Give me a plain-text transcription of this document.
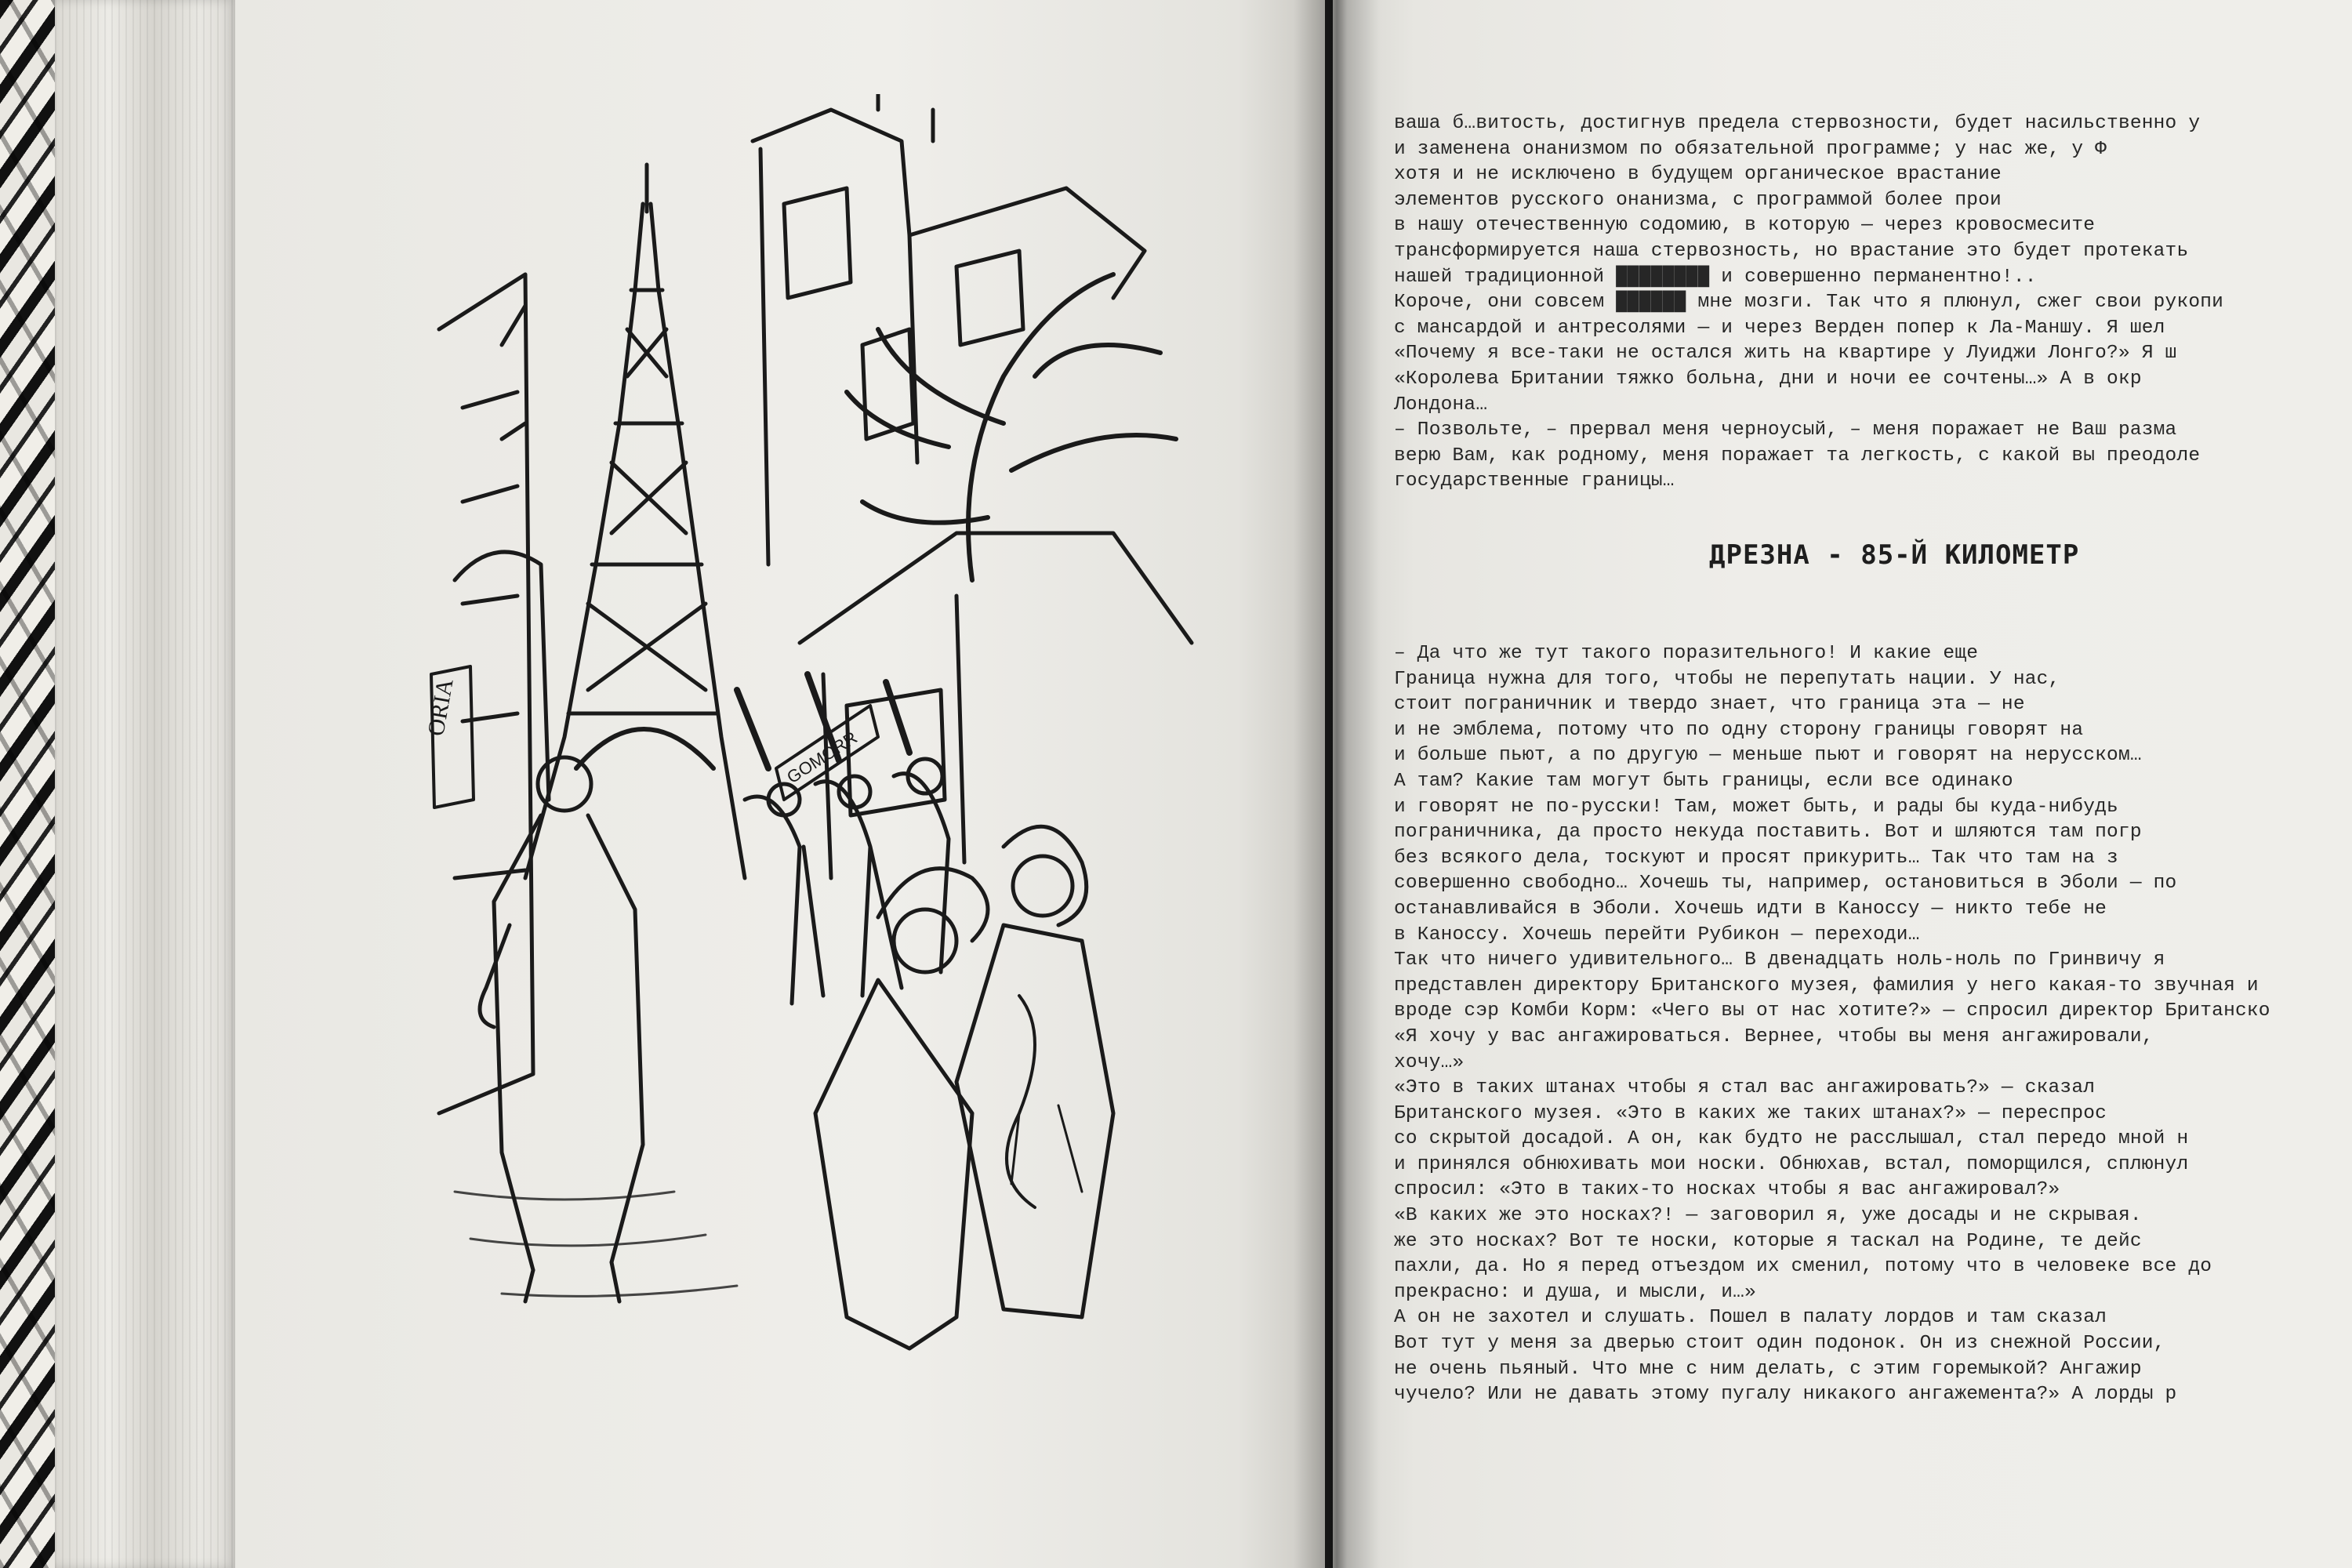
ORIA
GOMORR
ваша б…витость, достигнув предела стервозности, будет насильственно у
и заменена онанизмом по обязательной программе; у нас же, у Ф
хотя и не исключено в будущем органическое врастание
элементов русского онанизма, с программой более прои
в нашу отечественную содомию, в которую — через кровосмесите
трансформируется наша стервозность, но врастание это будет протекать
нашей традиционной ████████ и совершенно перманентно!..
Короче, они совсем ██████ мне мозги. Так что я плюнул, сжег свои рукопи
с мансардой и антресолями — и через Верден попер к Ла-Маншу. Я шел
«Почему я все-таки не остался жить на квартире у Луиджи Лонго?» Я ш
«Королева Британии тяжко больна, дни и ночи ее сочтены…» А в окр
Лондона…
– Позвольте, – прервал меня черноусый, – меня поражает не Ваш разма
верю Вам, как родному, меня поражает та легкость, с какой вы преодоле
государственные границы…
ДРЕЗНА - 85-Й КИЛОМЕТР
– Да что же тут такого поразительного! И какие еще
Граница нужна для того, чтобы не перепутать нации. У нас,
стоит пограничник и твердо знает, что граница эта — не
и не эмблема, потому что по одну сторону границы говорят на
и больше пьют, а по другую — меньше пьют и говорят на нерусском…
А там? Какие там могут быть границы, если все одинако
и говорят не по-русски! Там, может быть, и рады бы куда-нибудь
пограничника, да просто некуда поставить. Вот и шляются там погр
без всякого дела, тоскуют и просят прикурить… Так что там на з
совершенно свободно… Хочешь ты, например, остановиться в Эболи — по
останавливайся в Эболи. Хочешь идти в Каноссу — никто тебе не
в Каноссу. Хочешь перейти Рубикон — переходи…
Так что ничего удивительного… В двенадцать ноль-ноль по Гринвичу я
представлен директору Британского музея, фамилия у него какая-то звучная и
вроде сэр Комби Корм: «Чего вы от нас хотите?» — спросил директор Британско
«Я хочу у вас ангажироваться. Вернее, чтобы вы меня ангажировали,
хочу…»
«Это в таких штанах чтобы я стал вас ангажировать?» — сказал
Британского музея. «Это в каких же таких штанах?» — переспрос
со скрытой досадой. А он, как будто не расслышал, стал передо мной н
и принялся обнюхивать мои носки. Обнюхав, встал, поморщился, сплюнул
спросил: «Это в таких-то носках чтобы я вас ангажировал?»
«В каких же это носках?! — заговорил я, уже досады и не скрывая.
же это носках? Вот те носки, которые я таскал на Родине, те дейс
пахли, да. Но я перед отъездом их сменил, потому что в человеке все до
прекрасно: и душа, и мысли, и…»
А он не захотел и слушать. Пошел в палату лордов и там сказал
Вот тут у меня за дверью стоит один подонок. Он из снежной России,
не очень пьяный. Что мне с ним делать, с этим горемыкой? Ангажир
чучело? Или не давать этому пугалу никакого ангажемента?» А лорды р
